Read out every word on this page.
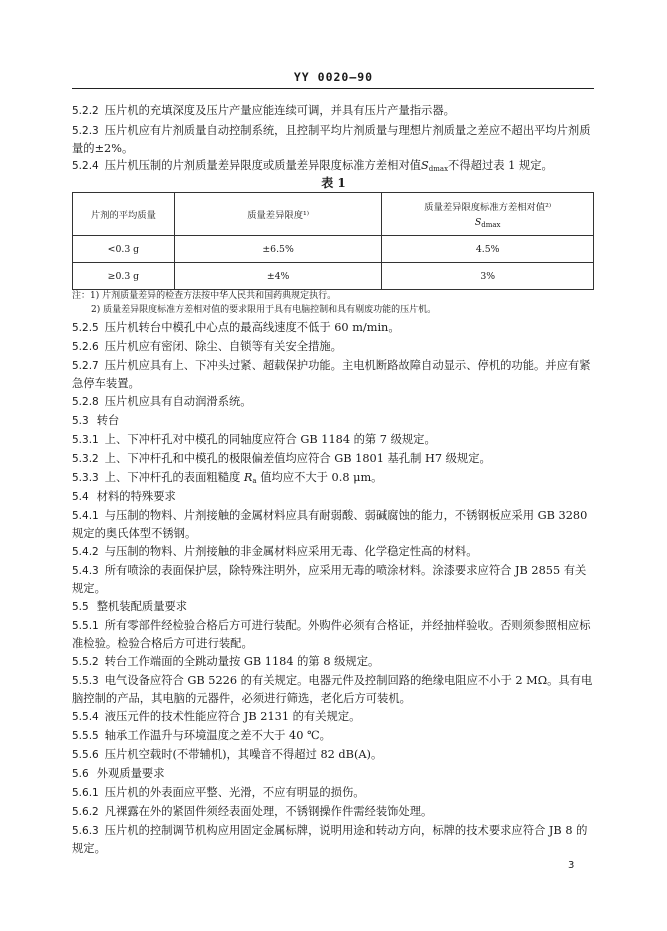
YY 0020—90
5.2.2 压片机的充填深度及压片产量应能连续可调，并具有压片产量指示器。
5.2.3 压片机应有片剂质量自动控制系统，且控制平均片剂质量与理想片剂质量之差应不超出平均片剂质量的±2%。
5.2.4 压片机压制的片剂质量差异限度或质量差异限度标准方差相对值$S_{dmax}$不得超过表 1 规定。
表 1
片剂的平均质量	质量差异限度¹⁾	质量差异限度标准方差相对值²⁾
$S_{dmax}$

<0.3 g	±6.5%	4.5%
≥0.3 g	±4%	3%
注：1) 片剂质量差异的检查方法按中华人民共和国药典规定执行。
2) 质量差异限度标准方差相对值的要求限用于具有电脑控制和具有剔废功能的压片机。
5.2.5 压片机转台中模孔中心点的最高线速度不低于 60 m/min。
5.2.6 压片机应有密闭、除尘、自锁等有关安全措施。
5.2.7 压片机应具有上、下冲头过紧、超载保护功能。主电机断路故障自动显示、停机的功能。并应有紧急停车装置。
5.2.8 压片机应具有自动润滑系统。
5.3 转台
5.3.1 上、下冲杆孔对中模孔的同轴度应符合 GB 1184 的第 7 级规定。
5.3.2 上、下冲杆孔和中模孔的极限偏差值均应符合 GB 1801 基孔制 H7 级规定。
5.3.3 上、下冲杆孔的表面粗糙度 $R_a$ 值均应不大于 0.8 μm。
5.4 材料的特殊要求
5.4.1 与压制的物料、片剂接触的金属材料应具有耐弱酸、弱碱腐蚀的能力，不锈钢板应采用 GB 3280 规定的奥氏体型不锈钢。
5.4.2 与压制的物料、片剂接触的非金属材料应采用无毒、化学稳定性高的材料。
5.4.3 所有喷涂的表面保护层，除特殊注明外，应采用无毒的喷涂材料。涂漆要求应符合 JB 2855 有关规定。
5.5 整机装配质量要求
5.5.1 所有零部件经检验合格后方可进行装配。外购件必须有合格证，并经抽样验收。否则须参照相应标准检验。检验合格后方可进行装配。
5.5.2 转台工作端面的全跳动量按 GB 1184 的第 8 级规定。
5.5.3 电气设备应符合 GB 5226 的有关规定。电器元件及控制回路的绝缘电阻应不小于 2 MΩ。具有电脑控制的产品，其电脑的元器件，必须进行筛选，老化后方可装机。
5.5.4 液压元件的技术性能应符合 JB 2131 的有关规定。
5.5.5 轴承工作温升与环境温度之差不大于 40 ℃。
5.5.6 压片机空载时(不带辅机)，其噪音不得超过 82 dB(A)。
5.6 外观质量要求
5.6.1 压片机的外表面应平整、光滑，不应有明显的损伤。
5.6.2 凡裸露在外的紧固件须经表面处理，不锈钢操作件需经装饰处理。
5.6.3 压片机的控制调节机构应用固定金属标牌，说明用途和转动方向，标牌的技术要求应符合 JB 8 的规定。
3
